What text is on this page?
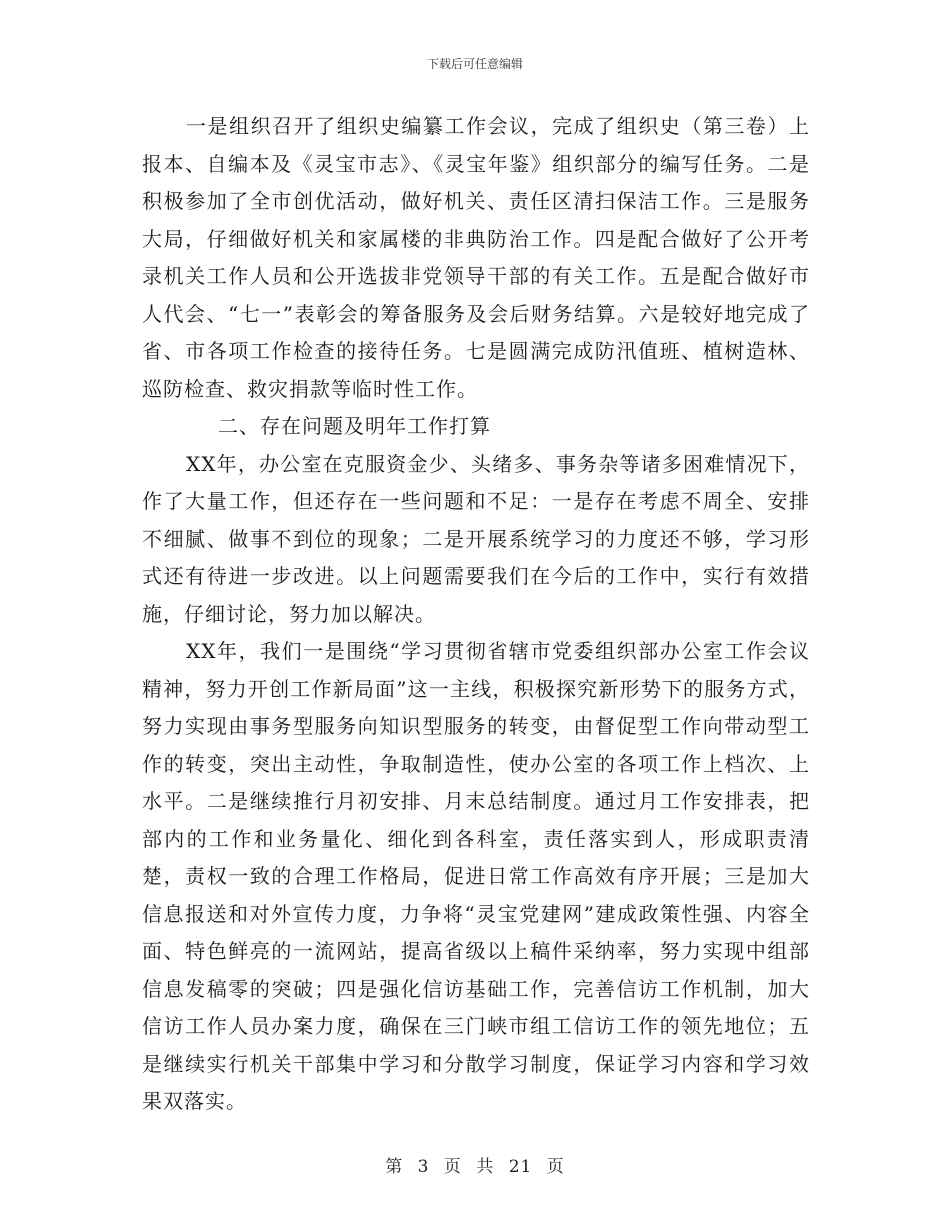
下载后可任意编辑

一是组织召开了组织史编纂工作会议，完成了组织史（第三卷）上报本、自编本及《灵宝市志》、《灵宝年鉴》组织部分的编写任务。二是积极参加了全市创优活动，做好机关、责任区清扫保洁工作。三是服务大局，仔细做好机关和家属楼的非典防治工作。四是配合做好了公开考录机关工作人员和公开选拔非党领导干部的有关工作。五是配合做好市人代会、“七一”表彰会的筹备服务及会后财务结算。六是较好地完成了省、市各项工作检查的接待任务。七是圆满完成防汛值班、植树造林、巡防检查、救灾捐款等临时性工作。

二、存在问题及明年工作打算

XX年，办公室在克服资金少、头绪多、事务杂等诸多困难情况下，作了大量工作，但还存在一些问题和不足：一是存在考虑不周全、安排不细腻、做事不到位的现象；二是开展系统学习的力度还不够，学习形式还有待进一步改进。以上问题需要我们在今后的工作中，实行有效措施，仔细讨论，努力加以解决。

XX年，我们一是围绕“学习贯彻省辖市党委组织部办公室工作会议精神，努力开创工作新局面”这一主线，积极探究新形势下的服务方式，努力实现由事务型服务向知识型服务的转变，由督促型工作向带动型工作的转变，突出主动性，争取制造性，使办公室的各项工作上档次、上水平。二是继续推行月初安排、月末总结制度。通过月工作安排表，把部内的工作和业务量化、细化到各科室，责任落实到人，形成职责清楚，责权一致的合理工作格局，促进日常工作高效有序开展；三是加大信息报送和对外宣传力度，力争将“灵宝党建网”建成政策性强、内容全面、特色鲜亮的一流网站，提高省级以上稿件采纳率，努力实现中组部信息发稿零的突破；四是强化信访基础工作，完善信访工作机制，加大信访工作人员办案力度，确保在三门峡市组工信访工作的领先地位；五是继续实行机关干部集中学习和分散学习制度，保证学习内容和学习效果双落实。

第 3 页 共 21 页
